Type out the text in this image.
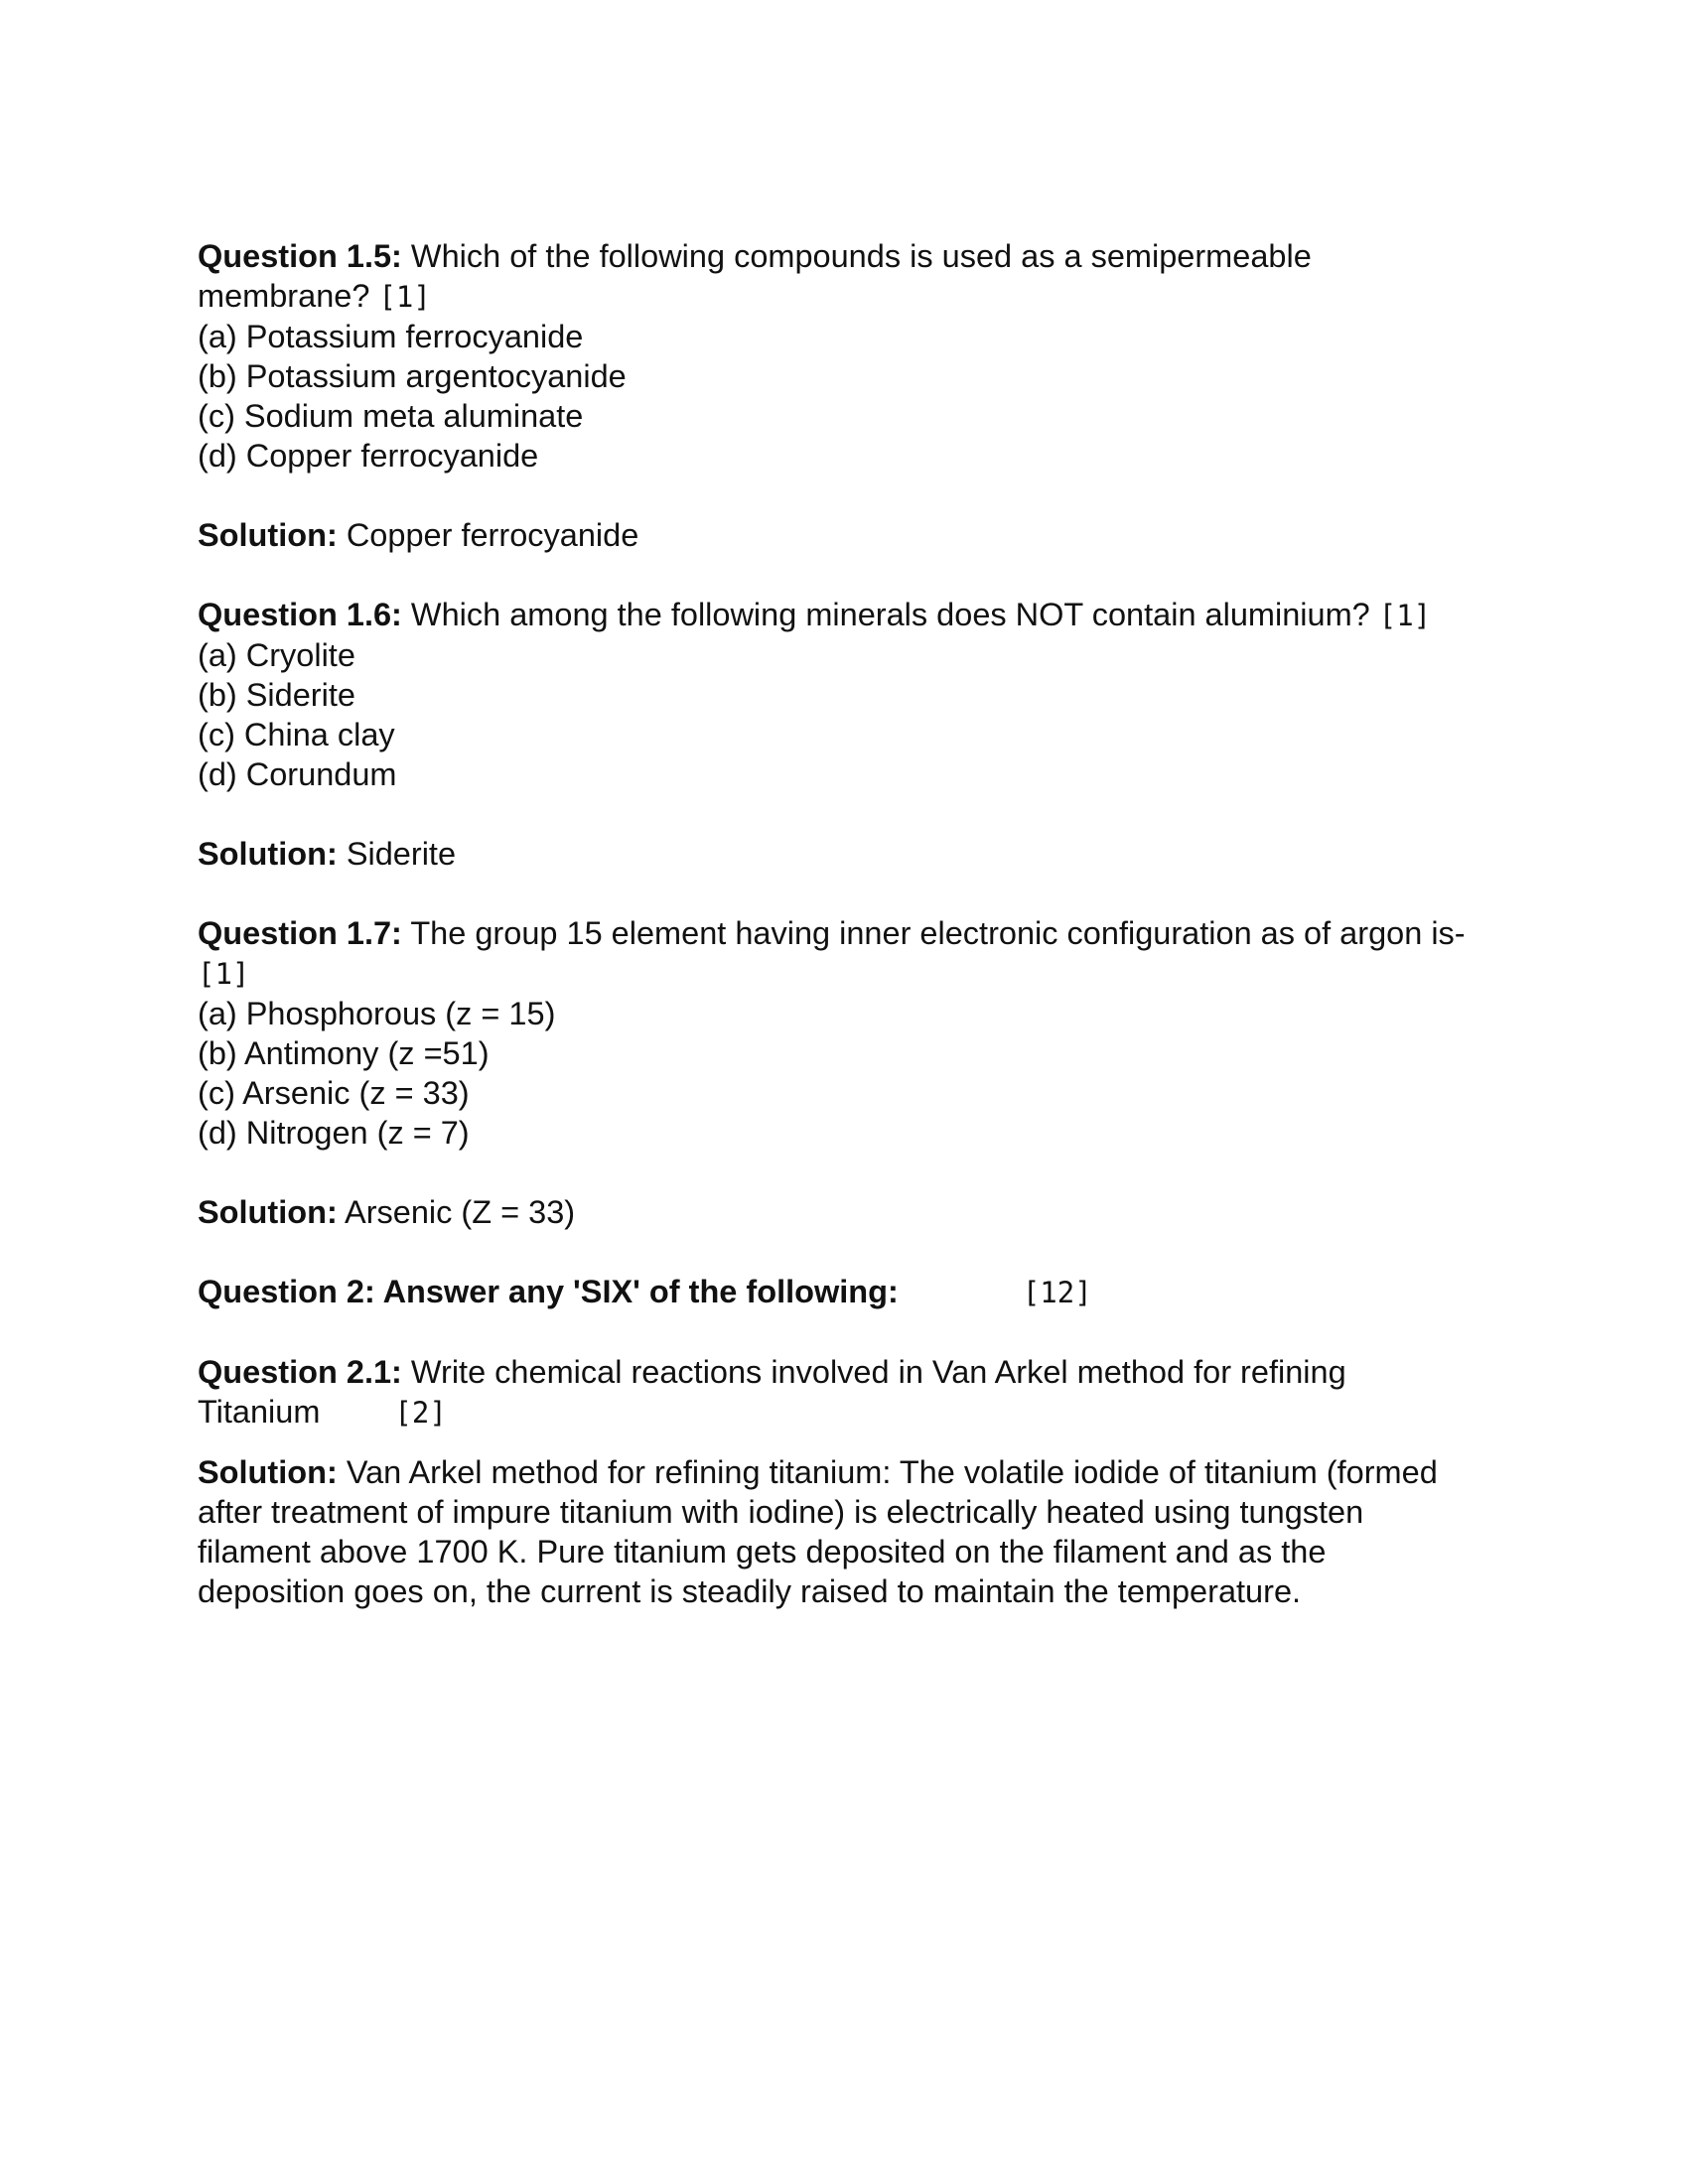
Question 1.5: Which of the following compounds is used as a semipermeable
membrane? [1]
(a) Potassium ferrocyanide
(b) Potassium argentocyanide
(c) Sodium meta aluminate
(d) Copper ferrocyanide
Solution: Copper ferrocyanide
Question 1.6: Which among the following minerals does NOT contain aluminium? [1]
(a) Cryolite
(b) Siderite
(c) China clay
(d) Corundum
Solution: Siderite
Question 1.7: The group 15 element having inner electronic configuration as of argon is-
[1]
(a) Phosphorous (z = 15)
(b) Antimony (z =51)
(c) Arsenic (z = 33)
(d) Nitrogen (z = 7)
Solution: Arsenic (Z = 33)
Question 2: Answer any 'SIX' of the following:	[12]
Question 2.1: Write chemical reactions involved in Van Arkel method for refining
Titanium	[2]
Solution: Van Arkel method for refining titanium: The volatile iodide of titanium (formed
after treatment of impure titanium with iodine) is electrically heated using tungsten
filament above 1700 K. Pure titanium gets deposited on the filament and as the
deposition goes on, the current is steadily raised to maintain the temperature.
